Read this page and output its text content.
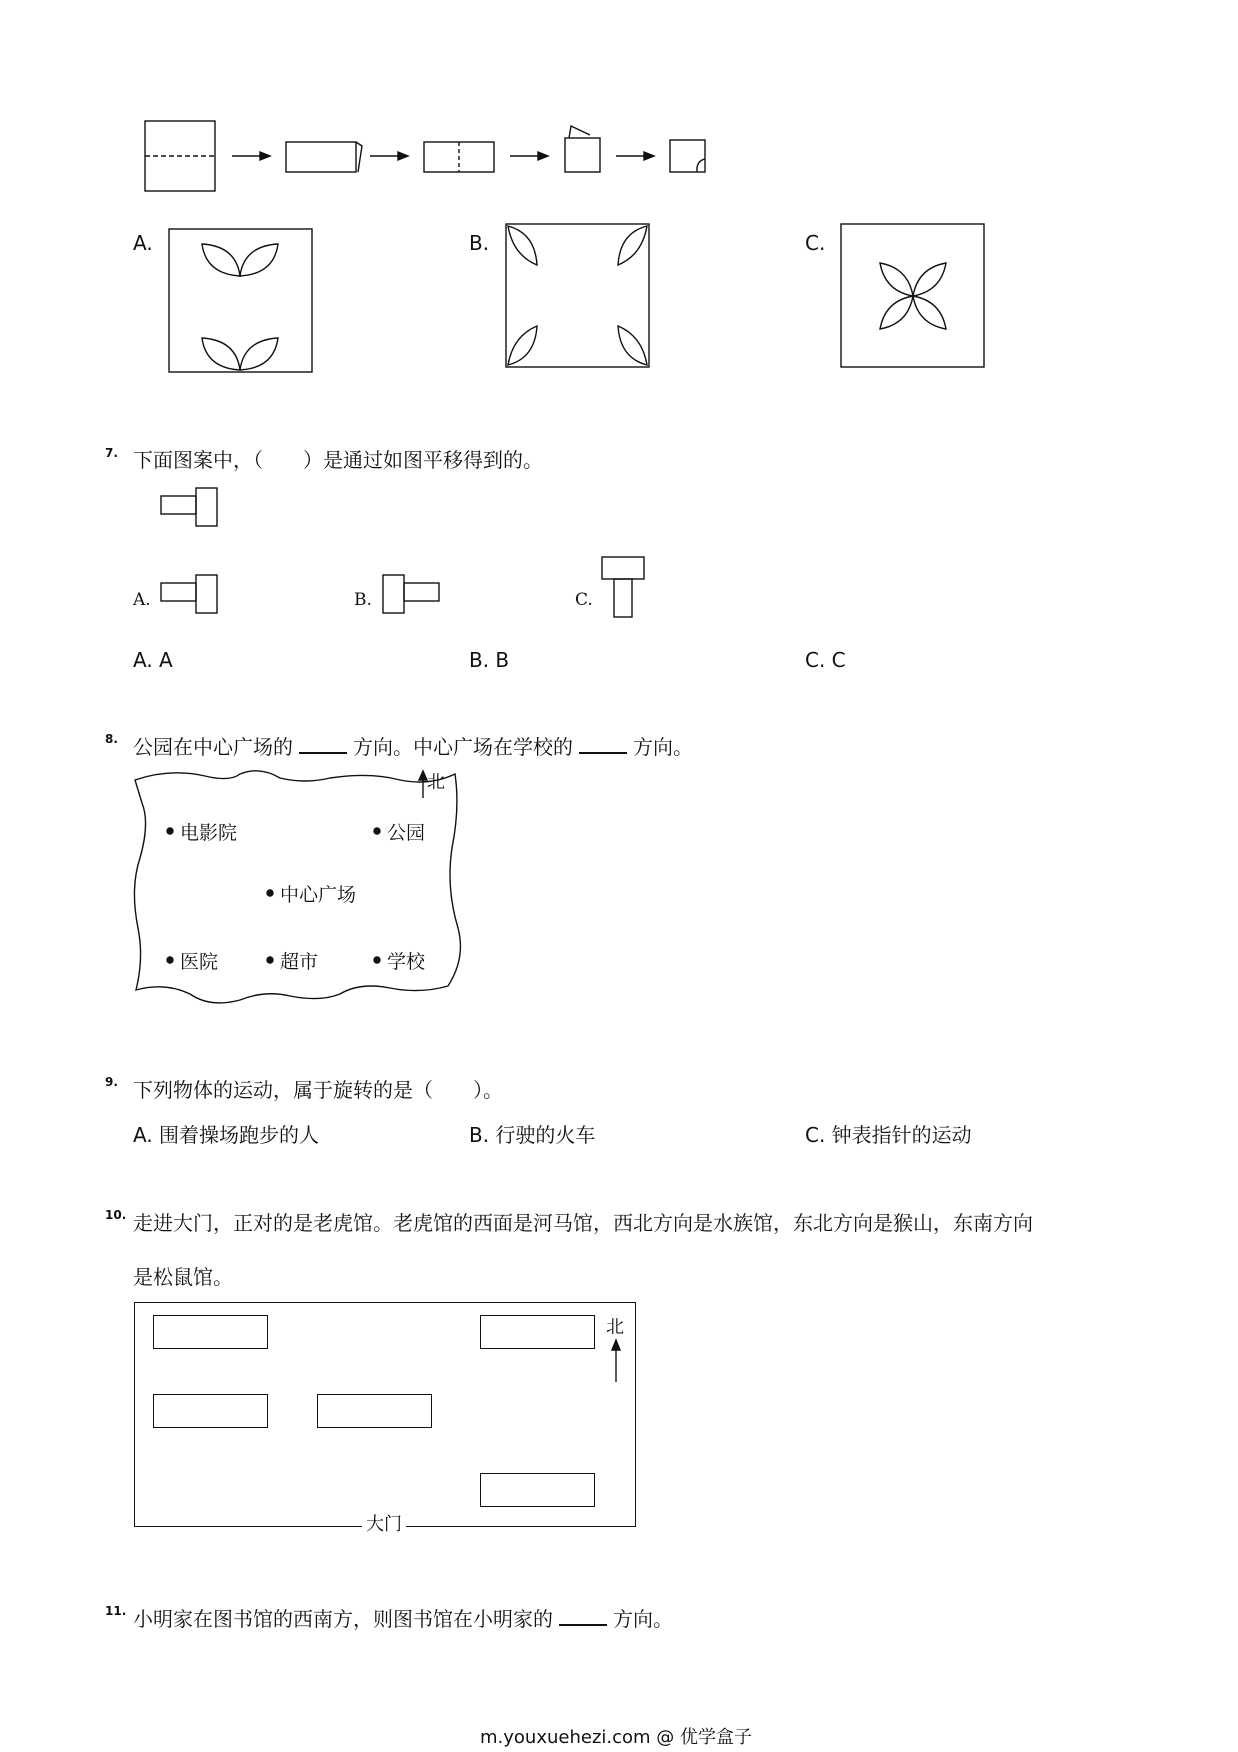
A.	B.	C.
7. 下面图案中，（　　）是通过如图平移得到的。
A.	B.	C.
A. A	B. B	C. C
8. 公园在中心广场的	方向。中心广场在学校的	方向。
北
电影院	公园
中心广场
医院	超市	学校
9. 下列物体的运动，属于旋转的是（　　）。
A. 围着操场跑步的人	B. 行驶的火车	C. 钟表指针的运动
10. 走进大门，正对的是老虎馆。老虎馆的西面是河马馆，西北方向是水族馆，东北方向是猴山，东南方向
是松鼠馆。
北
大门
11. 小明家在图书馆的西南方，则图书馆在小明家的	方向。
m.youxuehezi.com @ 优学盒子
